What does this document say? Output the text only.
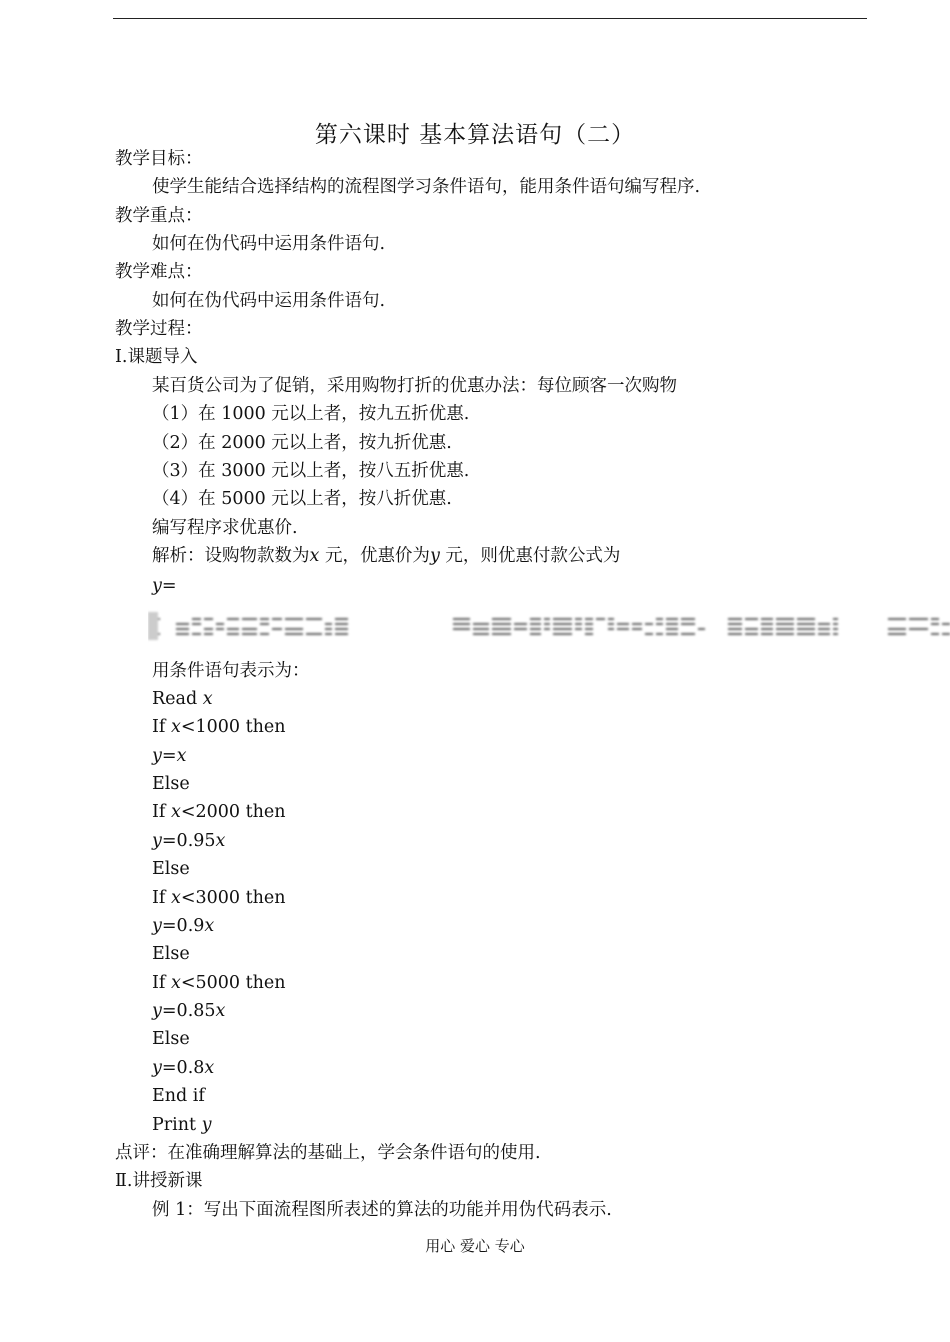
第六课时 基本算法语句（二）
教学目标：
使学生能结合选择结构的流程图学习条件语句，能用条件语句编写程序.
教学重点：
如何在伪代码中运用条件语句.
教学难点：
如何在伪代码中运用条件语句.
教学过程：
Ⅰ.课题导入
某百货公司为了促销，采用购物打折的优惠办法：每位顾客一次购物
（1）在 1000 元以上者，按九五折优惠.
（2）在 2000 元以上者，按九折优惠.
（3）在 3000 元以上者，按八五折优惠.
（4）在 5000 元以上者，按八折优惠.
编写程序求优惠价.
解析：设购物款数为x 元，优惠价为y 元，则优惠付款公式为
y=
用条件语句表示为：
Read x
If x<1000 then
y=x
Else
If x<2000 then
y=0.95x
Else
If x<3000 then
y=0.9x
Else
If x<5000 then
y=0.85x
Else
y=0.8x
End if
Print y
点评：在准确理解算法的基础上，学会条件语句的使用.
Ⅱ.讲授新课
例 1：写出下面流程图所表述的算法的功能并用伪代码表示.
用心 爱心 专心
